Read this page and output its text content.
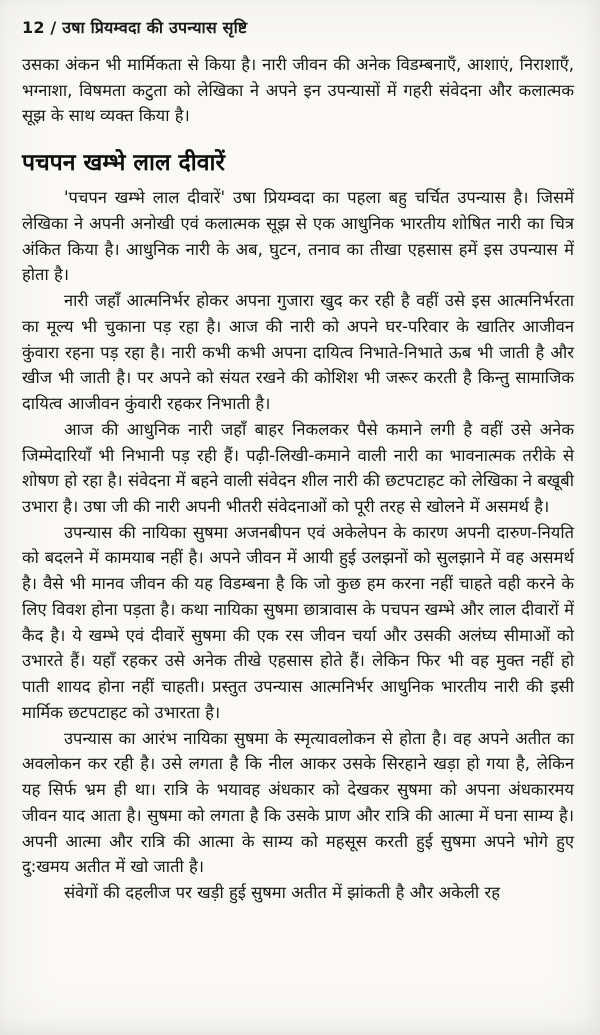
12 / उषा प्रियम्वदा की उपन्यास सृष्टि

उसका अंकन भी मार्मिकता से किया है। नारी जीवन की अनेक विडम्बनाएँ, आशाएं, निराशाएँ, भग्नाशा, विषमता कटुता को लेखिका ने अपने इन उपन्यासों में गहरी संवेदना और कलात्मक सूझ के साथ व्यक्त किया है।

पचपन खम्भे लाल दीवारें

'पचपन खम्भे लाल दीवारें' उषा प्रियम्वदा का पहला बहु चर्चित उपन्यास है। जिसमें लेखिका ने अपनी अनोखी एवं कलात्मक सूझ से एक आधुनिक भारतीय शोषित नारी का चित्र अंकित किया है। आधुनिक नारी के अब, घुटन, तनाव का तीखा एहसास हमें इस उपन्यास में होता है।

नारी जहाँ आत्मनिर्भर होकर अपना गुजारा खुद कर रही है वहीं उसे इस आत्मनिर्भरता का मूल्य भी चुकाना पड़ रहा है। आज की नारी को अपने घर-परिवार के खातिर आजीवन कुंवारा रहना पड़ रहा है। नारी कभी कभी अपना दायित्व निभाते-निभाते ऊब भी जाती है और खीज भी जाती है। पर अपने को संयत रखने की कोशिश भी जरूर करती है किन्तु सामाजिक दायित्व आजीवन कुंवारी रहकर निभाती है।

आज की आधुनिक नारी जहाँ बाहर निकलकर पैसे कमाने लगी है वहीं उसे अनेक जिम्मेदारियाँ भी निभानी पड़ रही हैं। पढ़ी-लिखी-कमाने वाली नारी का भावनात्मक तरीके से शोषण हो रहा है। संवेदना में बहने वाली संवेदन शील नारी की छटपटाहट को लेखिका ने बखूबी उभारा है। उषा जी की नारी अपनी भीतरी संवेदनाओं को पूरी तरह से खोलने में असमर्थ है।

उपन्यास की नायिका सुषमा अजनबीपन एवं अकेलेपन के कारण अपनी दारुण-नियति को बदलने में कामयाब नहीं है। अपने जीवन में आयी हुई उलझनों को सुलझाने में वह असमर्थ है। वैसे भी मानव जीवन की यह विडम्बना है कि जो कुछ हम करना नहीं चाहते वही करने के लिए विवश होना पड़ता है। कथा नायिका सुषमा छात्रावास के पचपन खम्भे और लाल दीवारों में कैद है। ये खम्भे एवं दीवारें सुषमा की एक रस जीवन चर्या और उसकी अलंघ्य सीमाओं को उभारते हैं। यहाँ रहकर उसे अनेक तीखे एहसास होते हैं। लेकिन फिर भी वह मुक्त नहीं हो पाती शायद होना नहीं चाहती। प्रस्तुत उपन्यास आत्मनिर्भर आधुनिक भारतीय नारी की इसी मार्मिक छटपटाहट को उभारता है।

उपन्यास का आरंभ नायिका सुषमा के स्मृत्यावलोकन से होता है। वह अपने अतीत का अवलोकन कर रही है। उसे लगता है कि नील आकर उसके सिरहाने खड़ा हो गया है, लेकिन यह सिर्फ भ्रम ही था। रात्रि के भयावह अंधकार को देखकर सुषमा को अपना अंधकारमय जीवन याद आता है। सुषमा को लगता है कि उसके प्राण और रात्रि की आत्मा में घना साम्य है। अपनी आत्मा और रात्रि की आत्मा के साम्य को महसूस करती हुई सुषमा अपने भोगे हुए दु:खमय अतीत में खो जाती है।

संवेगों की दहलीज पर खड़ी हुई सुषमा अतीत में झांकती है और अकेली रह
